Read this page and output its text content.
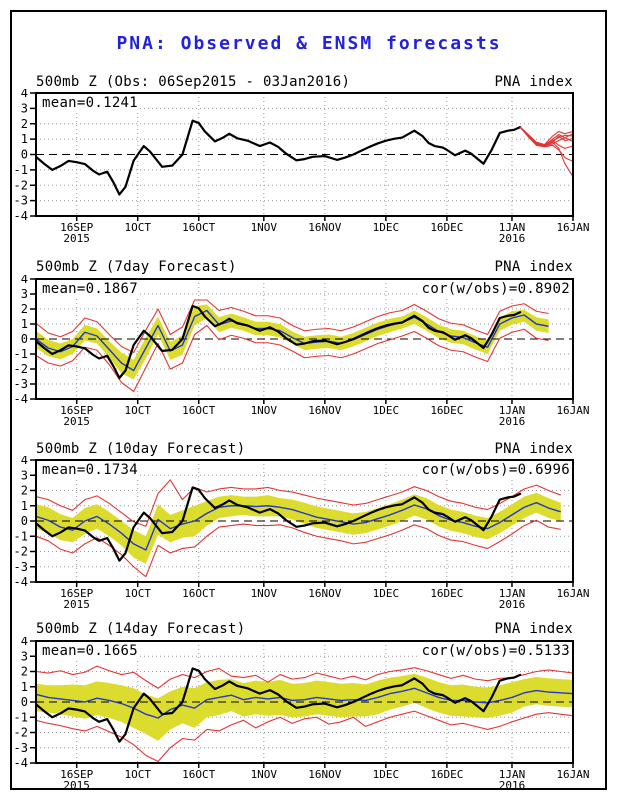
PNA: Observed & ENSM forecasts
500mb Z (Obs: 06Sep2015 - 03Jan2016)	PNA index
4
3
2
1
0
-1
-2
-3
-4
16SEP
2015
1OCT	16OCT	1NOV	16NOV	1DEC	16DEC	1JAN
2016
16JAN
mean=0.1241
500mb Z (7day Forecast)	PNA index
4
3
2
1
0
-1
-2
-3
-4
16SEP
2015
1OCT	16OCT	1NOV	16NOV	1DEC	16DEC	1JAN
2016
16JAN
mean=0.1867	cor(w/obs)=0.8902
500mb Z (10day Forecast)	PNA index
4
3
2
1
0
-1
-2
-3
-4
16SEP
2015
1OCT	16OCT	1NOV	16NOV	1DEC	16DEC	1JAN
2016
16JAN
mean=0.1734	cor(w/obs)=0.6996
500mb Z (14day Forecast)	PNA index
4
3
2
1
0
-1
-2
-3
-4
16SEP
2015
1OCT	16OCT	1NOV	16NOV	1DEC	16DEC	1JAN
2016
16JAN
mean=0.1665	cor(w/obs)=0.5133
